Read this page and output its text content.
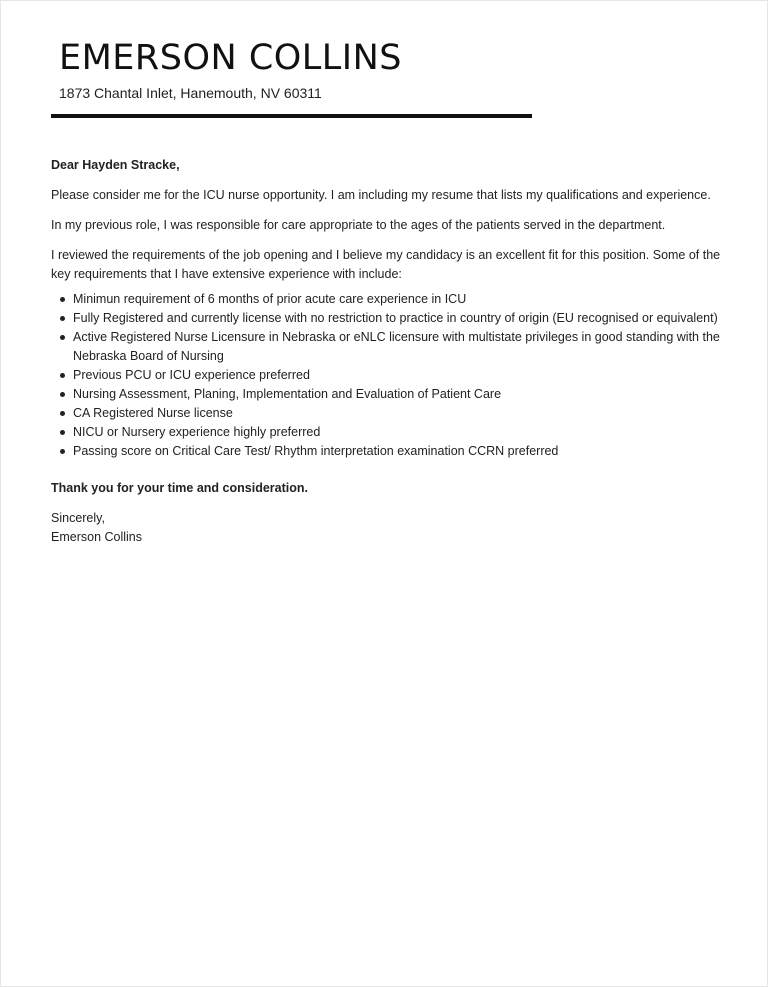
EMERSON COLLINS
1873 Chantal Inlet, Hanemouth, NV 60311

Dear Hayden Stracke,

Please consider me for the ICU nurse opportunity. I am including my resume that lists my qualifications and experience.

In my previous role, I was responsible for care appropriate to the ages of the patients served in the department.

I reviewed the requirements of the job opening and I believe my candidacy is an excellent fit for this position. Some of the key requirements that I have extensive experience with include:

Minimun requirement of 6 months of prior acute care experience in ICU
Fully Registered and currently license with no restriction to practice in country of origin (EU recognised or equivalent)
Active Registered Nurse Licensure in Nebraska or eNLC licensure with multistate privileges in good standing with the Nebraska Board of Nursing
Previous PCU or ICU experience preferred
Nursing Assessment, Planing, Implementation and Evaluation of Patient Care
CA Registered Nurse license
NICU or Nursery experience highly preferred
Passing score on Critical Care Test/ Rhythm interpretation examination CCRN preferred

Thank you for your time and consideration.

Sincerely,

Emerson Collins
